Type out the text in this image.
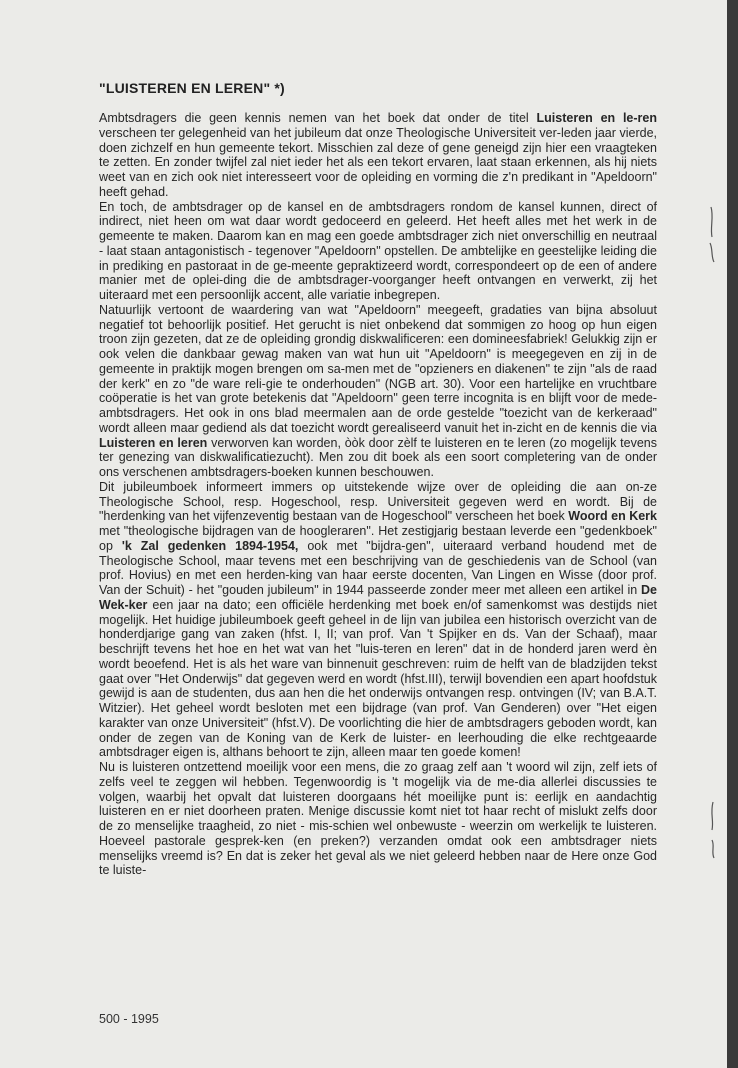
"LUISTEREN EN LEREN" *)

Ambtsdragers die geen kennis nemen van het boek dat onder de titel Luisteren en le-ren verscheen ter gelegenheid van het jubileum dat onze Theologische Universiteit ver-leden jaar vierde, doen zichzelf en hun gemeente tekort. Misschien zal deze of gene geneigd zijn hier een vraagteken te zetten. En zonder twijfel zal niet ieder het als een tekort ervaren, laat staan erkennen, als hij niets weet van en zich ook niet interesseert voor de opleiding en vorming die z'n predikant in "Apeldoorn" heeft gehad.

En toch, de ambtsdrager op de kansel en de ambtsdragers rondom de kansel kunnen, direct of indirect, niet heen om wat daar wordt gedoceerd en geleerd. Het heeft alles met het werk in de gemeente te maken. Daarom kan en mag een goede ambtsdrager zich niet onverschillig en neutraal - laat staan antagonistisch - tegenover "Apeldoorn" opstellen. De ambtelijke en geestelijke leiding die in prediking en pastoraat in de ge-meente gepraktizeerd wordt, correspondeert op de een of andere manier met de oplei-ding die de ambtsdrager-voorganger heeft ontvangen en verwerkt, zij het uiteraard met een persoonlijk accent, alle variatie inbegrepen.

Natuurlijk vertoont de waardering van wat "Apeldoorn" meegeeft, gradaties van bijna absoluut negatief tot behoorlijk positief. Het gerucht is niet onbekend dat sommigen zo hoog op hun eigen troon zijn gezeten, dat ze de opleiding grondig diskwalificeren: een domineesfabriek! Gelukkig zijn er ook velen die dankbaar gewag maken van wat hun uit "Apeldoorn" is meegegeven en zij in de gemeente in praktijk mogen brengen om sa-men met de "opzieners en diakenen" te zijn "als de raad der kerk" en zo "de ware reli-gie te onderhouden" (NGB art. 30). Voor een hartelijke en vruchtbare coöperatie is het van grote betekenis dat "Apeldoorn" geen terre incognita is en blijft voor de mede-ambtsdragers. Het ook in ons blad meermalen aan de orde gestelde "toezicht van de kerkeraad" wordt alleen maar gediend als dat toezicht wordt gerealiseerd vanuit het in-zicht en de kennis die via Luisteren en leren verworven kan worden, òòk door zèlf te luisteren en te leren (zo mogelijk tevens ter genezing van diskwalificatiezucht). Men zou dit boek als een soort completering van de onder ons verschenen ambtsdragers-boeken kunnen beschouwen.

Dit jubileumboek informeert immers op uitstekende wijze over de opleiding die aan on-ze Theologische School, resp. Hogeschool, resp. Universiteit gegeven werd en wordt. Bij de "herdenking van het vijfenzeventig bestaan van de Hogeschool" verscheen het boek Woord en Kerk met "theologische bijdragen van de hoogleraren". Het zestigjarig bestaan leverde een "gedenkboek" op 'k Zal gedenken 1894-1954, ook met "bijdra-gen", uiteraard verband houdend met de Theologische School, maar tevens met een beschrijving van de geschiedenis van de School (van prof. Hovius) en met een herden-king van haar eerste docenten, Van Lingen en Wisse (door prof. Van der Schuit) - het "gouden jubileum" in 1944 passeerde zonder meer met alleen een artikel in De Wek-ker een jaar na dato; een officiële herdenking met boek en/of samenkomst was destijds niet mogelijk. Het huidige jubileumboek geeft geheel in de lijn van jubilea een historisch overzicht van de honderdjarige gang van zaken (hfst. I, II; van prof. Van 't Spijker en ds. Van der Schaaf), maar beschrijft tevens het hoe en het wat van het "luis-teren en leren" dat in de honderd jaren werd èn wordt beoefend. Het is als het ware van binnenuit geschreven: ruim de helft van de bladzijden tekst gaat over "Het Onderwijs" dat gegeven werd en wordt (hfst.III), terwijl bovendien een apart hoofdstuk gewijd is aan de studenten, dus aan hen die het onderwijs ontvangen resp. ontvingen (IV; van B.A.T. Witzier). Het geheel wordt besloten met een bijdrage (van prof. Van Genderen) over "Het eigen karakter van onze Universiteit" (hfst.V). De voorlichting die hier de ambtsdragers geboden wordt, kan onder de zegen van de Koning van de Kerk de luister- en leerhouding die elke rechtgeaarde ambtsdrager eigen is, althans behoort te zijn, alleen maar ten goede komen!

Nu is luisteren ontzettend moeilijk voor een mens, die zo graag zelf aan 't woord wil zijn, zelf iets of zelfs veel te zeggen wil hebben. Tegenwoordig is 't mogelijk via de me-dia allerlei discussies te volgen, waarbij het opvalt dat luisteren doorgaans hét moeilijke punt is: eerlijk en aandachtig luisteren en er niet doorheen praten. Menige discussie komt niet tot haar recht of mislukt zelfs door de zo menselijke traagheid, zo niet - mis-schien wel onbewuste - weerzin om werkelijk te luisteren. Hoeveel pastorale gesprek-ken (en preken?) verzanden omdat ook een ambtsdrager niets menselijks vreemd is? En dat is zeker het geval als we niet geleerd hebben naar de Here onze God te luiste-

500 - 1995
